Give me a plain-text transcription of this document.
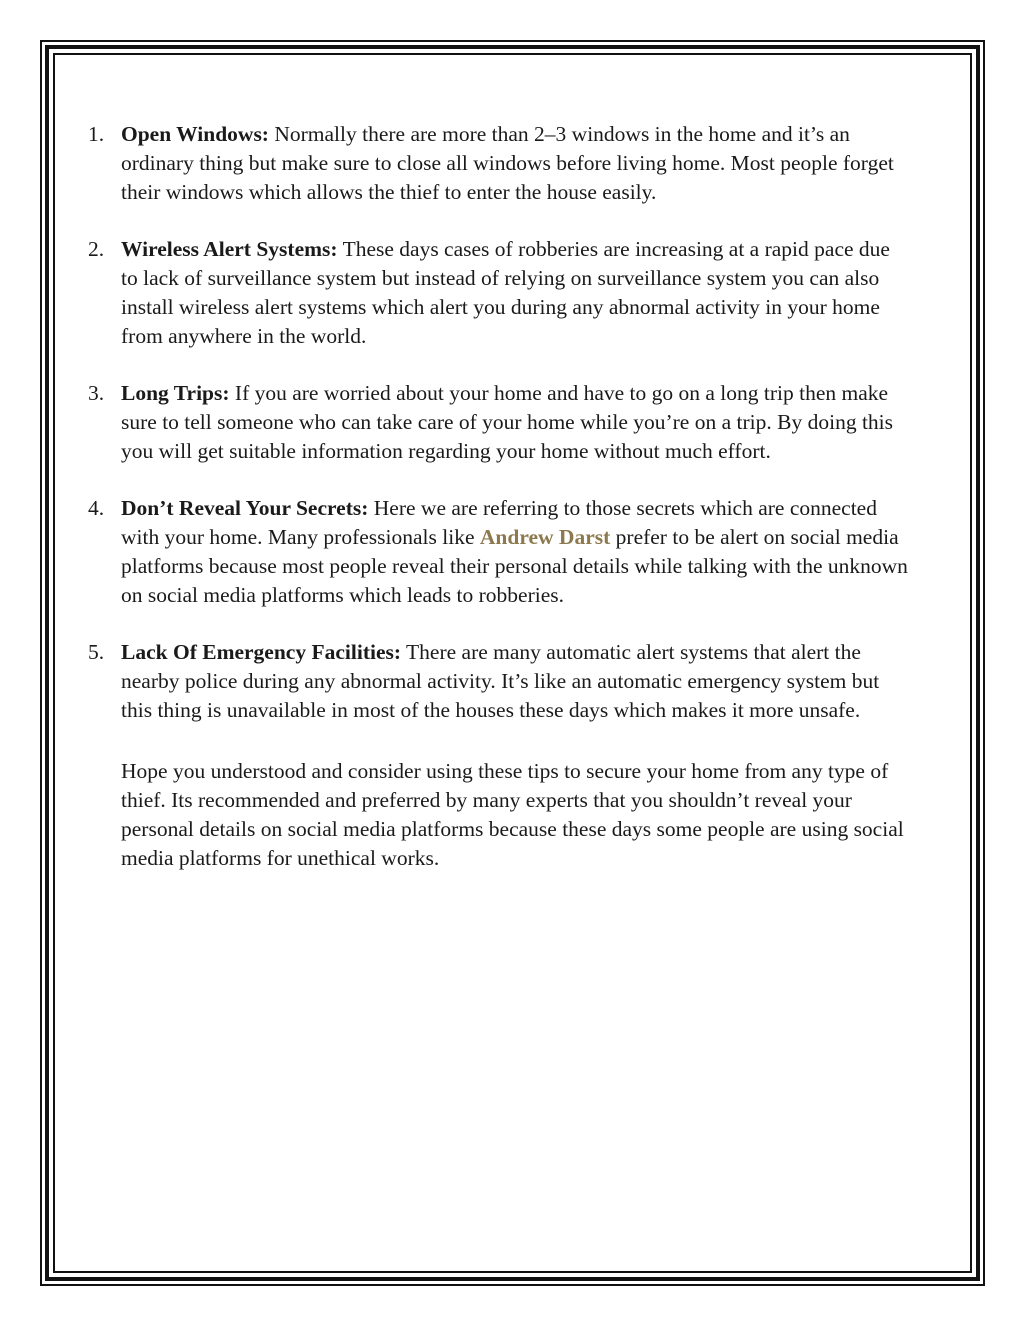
1. Open Windows: Normally there are more than 2–3 windows in the home and it’s an ordinary thing but make sure to close all windows before living home. Most people forget their windows which allows the thief to enter the house easily.
2. Wireless Alert Systems: These days cases of robberies are increasing at a rapid pace due to lack of surveillance system but instead of relying on surveillance system you can also install wireless alert systems which alert you during any abnormal activity in your home from anywhere in the world.
3. Long Trips: If you are worried about your home and have to go on a long trip then make sure to tell someone who can take care of your home while you’re on a trip. By doing this you will get suitable information regarding your home without much effort.
4. Don’t Reveal Your Secrets: Here we are referring to those secrets which are connected with your home. Many professionals like Andrew Darst prefer to be alert on social media platforms because most people reveal their personal details while talking with the unknown on social media platforms which leads to robberies.
5. Lack Of Emergency Facilities: There are many automatic alert systems that alert the nearby police during any abnormal activity. It’s like an automatic emergency system but this thing is unavailable in most of the houses these days which makes it more unsafe.

Hope you understood and consider using these tips to secure your home from any type of thief. Its recommended and preferred by many experts that you shouldn’t reveal your personal details on social media platforms because these days some people are using social media platforms for unethical works.
